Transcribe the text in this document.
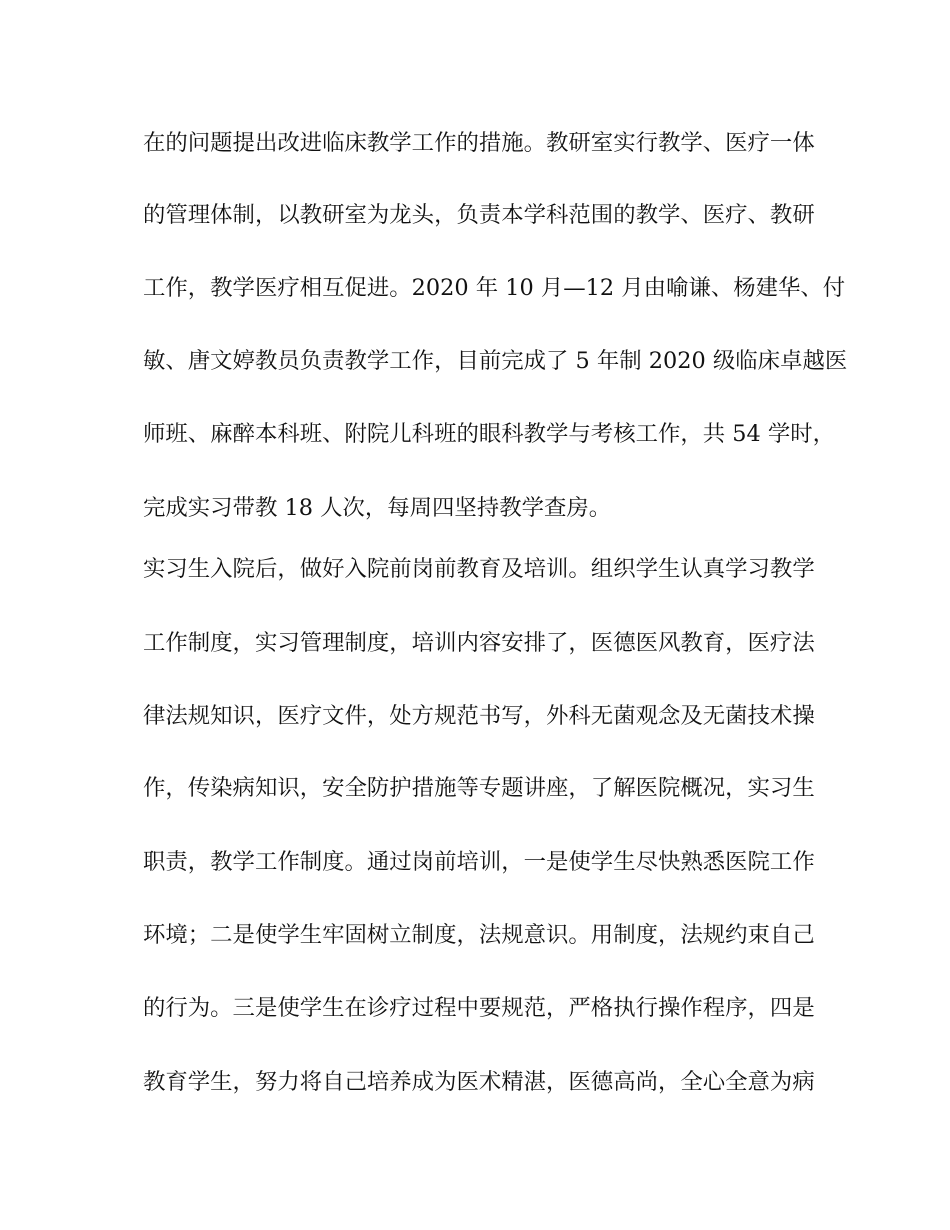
在的问题提出改进临床教学工作的措施。教研室实行教学、医疗一体
的管理体制，以教研室为龙头，负责本学科范围的教学、医疗、教研
工作，教学医疗相互促进。2020 年 10 月—12 月由喻谦、杨建华、付
敏、唐文婷教员负责教学工作，目前完成了 5 年制 2020 级临床卓越医
师班、麻醉本科班、附院儿科班的眼科教学与考核工作，共 54 学时，
完成实习带教 18 人次，每周四坚持教学查房。
实习生入院后，做好入院前岗前教育及培训。组织学生认真学习教学
工作制度，实习管理制度，培训内容安排了，医德医风教育，医疗法
律法规知识，医疗文件，处方规范书写，外科无菌观念及无菌技术操
作，传染病知识，安全防护措施等专题讲座，了解医院概况，实习生
职责，教学工作制度。通过岗前培训，一是使学生尽快熟悉医院工作
环境；二是使学生牢固树立制度，法规意识。用制度，法规约束自己
的行为。三是使学生在诊疗过程中要规范，严格执行操作程序，四是
教育学生，努力将自己培养成为医术精湛，医德高尚，全心全意为病
